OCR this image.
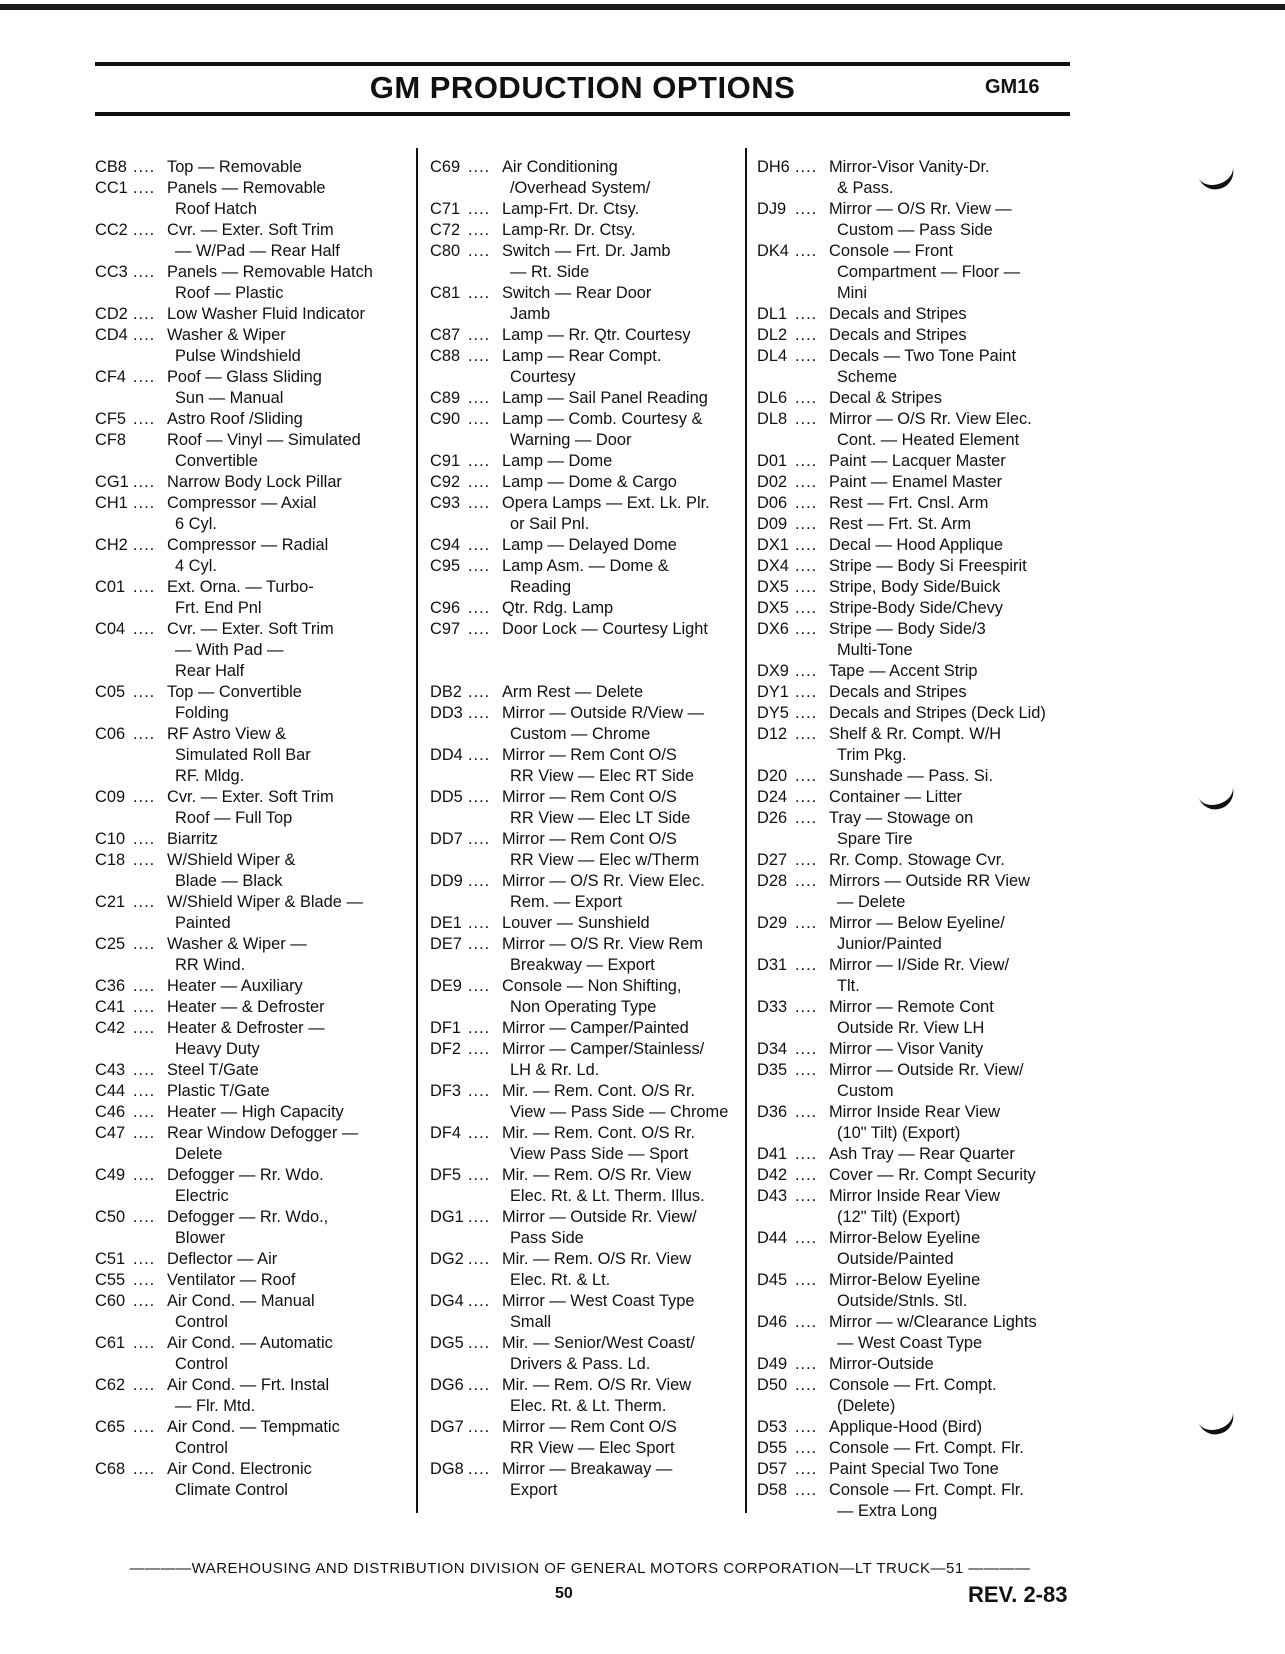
GM PRODUCTION OPTIONS	GM16
CB8 .... Top — Removable
CC1 .... Panels — Removable
Roof Hatch
CC2 .... Cvr. — Exter. Soft Trim
— W/Pad — Rear Half
CC3 .... Panels — Removable Hatch
Roof — Plastic
CD2 .... Low Washer Fluid Indicator
CD4 .... Washer & Wiper
Pulse Windshield
CF4 .... Poof — Glass Sliding
Sun — Manual
CF5 .... Astro Roof /Sliding
CF8	Roof — Vinyl — Simulated
Convertible
CG1 .... Narrow Body Lock Pillar
CH1 .... Compressor — Axial
6 Cyl.
CH2 .... Compressor — Radial
4 Cyl.
C01 .... Ext. Orna. — Turbo-
Frt. End Pnl
C04 .... Cvr. — Exter. Soft Trim
— With Pad —
Rear Half
C05 .... Top — Convertible
Folding
C06 .... RF Astro View &
Simulated Roll Bar
RF. Mldg.
C09 .... Cvr. — Exter. Soft Trim
Roof — Full Top
C10 .... Biarritz
C18 .... W/Shield Wiper &
Blade — Black
C21 .... W/Shield Wiper & Blade —
Painted
C25 .... Washer & Wiper —
RR Wind.
C36 .... Heater — Auxiliary
C41 .... Heater — & Defroster
C42 .... Heater & Defroster —
Heavy Duty
C43 .... Steel T/Gate
C44 .... Plastic T/Gate
C46 .... Heater — High Capacity
C47 .... Rear Window Defogger —
Delete
C49 .... Defogger — Rr. Wdo.
Electric
C50 .... Defogger — Rr. Wdo.,
Blower
C51 .... Deflector — Air
C55 .... Ventilator — Roof
C60 .... Air Cond. — Manual
Control
C61 .... Air Cond. — Automatic
Control
C62 .... Air Cond. — Frt. Instal
— Flr. Mtd.
C65 .... Air Cond. — Tempmatic
Control
C68 .... Air Cond. Electronic
Climate Control
C69 .... Air Conditioning
/Overhead System/
C71 .... Lamp-Frt. Dr. Ctsy.
C72 .... Lamp-Rr. Dr. Ctsy.
C80 .... Switch — Frt. Dr. Jamb
— Rt. Side
C81 .... Switch — Rear Door
Jamb
C87 .... Lamp — Rr. Qtr. Courtesy
C88 .... Lamp — Rear Compt.
Courtesy
C89 .... Lamp — Sail Panel Reading
C90 .... Lamp — Comb. Courtesy &
Warning — Door
C91 .... Lamp — Dome
C92 .... Lamp — Dome & Cargo
C93 .... Opera Lamps — Ext. Lk. Plr.
or Sail Pnl.
C94 .... Lamp — Delayed Dome
C95 .... Lamp Asm. — Dome &
Reading
C96 .... Qtr. Rdg. Lamp
C97 .... Door Lock — Courtesy Light
DB2 .... Arm Rest — Delete
DD3 .... Mirror — Outside R/View —
Custom — Chrome
DD4 .... Mirror — Rem Cont O/S
RR View — Elec RT Side
DD5 .... Mirror — Rem Cont O/S
RR View — Elec LT Side
DD7 .... Mirror — Rem Cont O/S
RR View — Elec w/Therm
DD9 .... Mirror — O/S Rr. View Elec.
Rem. — Export
DE1 .... Louver — Sunshield
DE7 .... Mirror — O/S Rr. View Rem
Breakway — Export
DE9 .... Console — Non Shifting,
Non Operating Type
DF1 .... Mirror — Camper/Painted
DF2 .... Mirror — Camper/Stainless/
LH & Rr. Ld.
DF3 .... Mir. — Rem. Cont. O/S Rr.
View — Pass Side — Chrome
DF4 .... Mir. — Rem. Cont. O/S Rr.
View Pass Side — Sport
DF5 .... Mir. — Rem. O/S Rr. View
Elec. Rt. & Lt. Therm. Illus.
DG1 .... Mirror — Outside Rr. View/
Pass Side
DG2 .... Mir. — Rem. O/S Rr. View
Elec. Rt. & Lt.
DG4 .... Mirror — West Coast Type
Small
DG5 .... Mir. — Senior/West Coast/
Drivers & Pass. Ld.
DG6 .... Mir. — Rem. O/S Rr. View
Elec. Rt. & Lt. Therm.
DG7 .... Mirror — Rem Cont O/S
RR View — Elec Sport
DG8 .... Mirror — Breakaway —
Export
DH6 .... Mirror-Visor Vanity-Dr.
& Pass.
DJ9 .... Mirror — O/S Rr. View —
Custom — Pass Side
DK4 .... Console — Front
Compartment — Floor —
Mini
DL1 .... Decals and Stripes
DL2 .... Decals and Stripes
DL4 .... Decals — Two Tone Paint
Scheme
DL6 .... Decal & Stripes
DL8 .... Mirror — O/S Rr. View Elec.
Cont. — Heated Element
D01 .... Paint — Lacquer Master
D02 .... Paint — Enamel Master
D06 .... Rest — Frt. Cnsl. Arm
D09 .... Rest — Frt. St. Arm
DX1 .... Decal — Hood Applique
DX4 .... Stripe — Body Si Freespirit
DX5 .... Stripe, Body Side/Buick
DX5 .... Stripe-Body Side/Chevy
DX6 .... Stripe — Body Side/3
Multi-Tone
DX9 .... Tape — Accent Strip
DY1 .... Decals and Stripes
DY5 .... Decals and Stripes (Deck Lid)
D12 .... Shelf & Rr. Compt. W/H
Trim Pkg.
D20 .... Sunshade — Pass. Si.
D24 .... Container — Litter
D26 .... Tray — Stowage on
Spare Tire
D27 .... Rr. Comp. Stowage Cvr.
D28 .... Mirrors — Outside RR View
— Delete
D29 .... Mirror — Below Eyeline/
Junior/Painted
D31 .... Mirror — I/Side Rr. View/
Tlt.
D33 .... Mirror — Remote Cont
Outside Rr. View LH
D34 .... Mirror — Visor Vanity
D35 .... Mirror — Outside Rr. View/
Custom
D36 .... Mirror Inside Rear View
(10" Tilt) (Export)
D41 .... Ash Tray — Rear Quarter
D42 .... Cover — Rr. Compt Security
D43 .... Mirror Inside Rear View
(12" Tilt) (Export)
D44 .... Mirror-Below Eyeline
Outside/Painted
D45 .... Mirror-Below Eyeline
Outside/Stnls. Stl.
D46 .... Mirror — w/Clearance Lights
— West Coast Type
D49 .... Mirror-Outside
D50 .... Console — Frt. Compt.
(Delete)
D53 .... Applique-Hood (Bird)
D55 .... Console — Frt. Compt. Flr.
D57 .... Paint Special Two Tone
D58 .... Console — Frt. Compt. Flr.
— Extra Long
————WAREHOUSING AND DISTRIBUTION DIVISION OF GENERAL MOTORS CORPORATION—LT TRUCK—51 ————
50	REV. 2-83
